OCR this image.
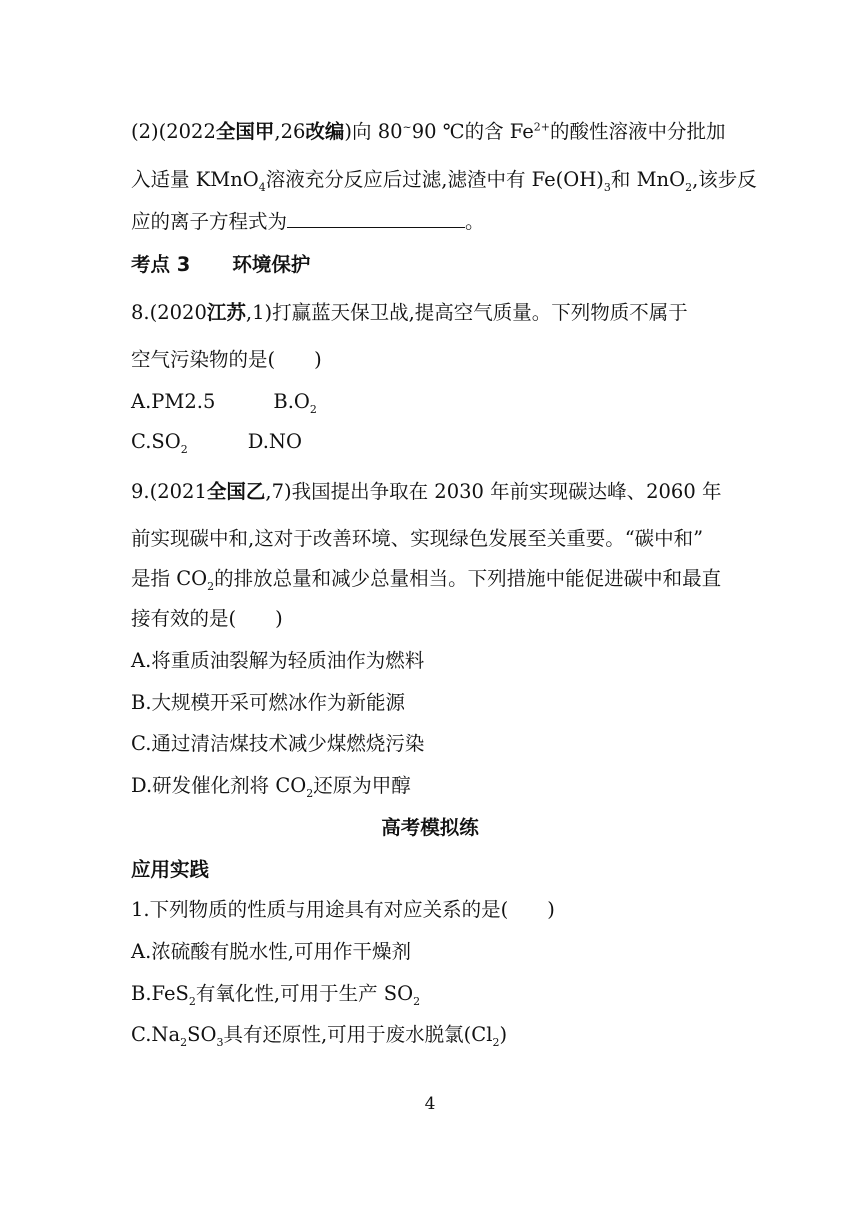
(2)(2022全国甲,26改编)向 80~90 ℃的含 $Fe^{2+}$的酸性溶液中分批加
入适量 KMnO$_4$溶液充分反应后过滤,滤渣中有 $Fe(OH)_3$和 MnO$_2$,该步反
应的离子方程式为	。
考点 3 环境保护
8.(2020江苏,1)打赢蓝天保卫战,提高空气质量。下列物质不属于
空气污染物的是(　　)
A.PM2.5	$B.O_2$
$C.SO_2$	D.NO
9.(2021全国乙,7)我国提出争取在 2030 年前实现碳达峰、2060 年
前实现碳中和,这对于改善环境、实现绿色发展至关重要。“碳中和”
是指 $CO_2$的排放总量和减少总量相当。下列措施中能促进碳中和最直
接有效的是(　　)
A.将重质油裂解为轻质油作为燃料
B.大规模开采可燃冰作为新能源
C.通过清洁煤技术减少煤燃烧污染
D.研发催化剂将 $CO_2$还原为甲醇
高考模拟练
应用实践
1.下列物质的性质与用途具有对应关系的是(　　)
A.浓硫酸有脱水性,可用作干燥剂
B.FeS$_2$有氧化性,可用于生产 $SO_2$
$C.Na_2SO_3$具有还原性,可用于废水脱氯$(Cl_2)$
4
